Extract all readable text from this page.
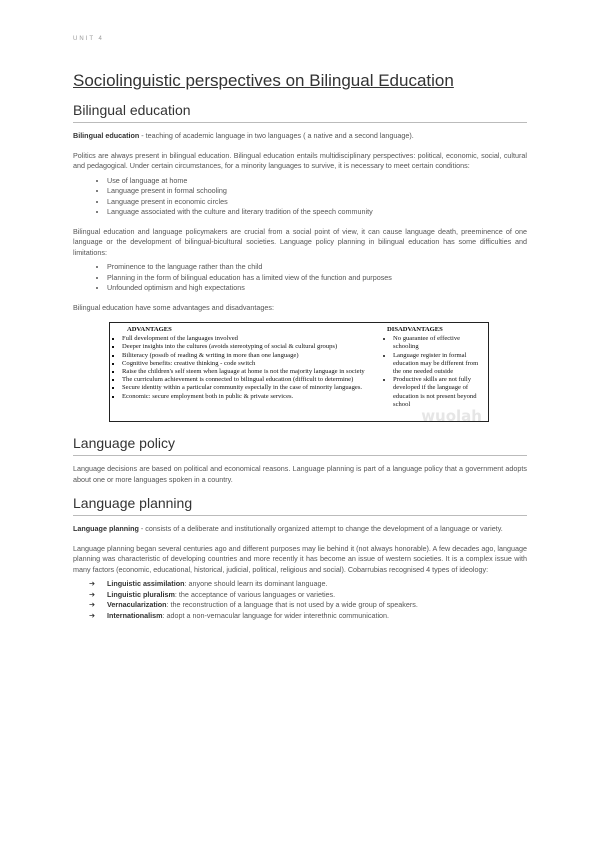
UNIT 4
Sociolinguistic perspectives on Bilingual Education
Bilingual education

Bilingual education - teaching of academic language in two languages ( a native and a second language).

Politics are always present in bilingual education. Bilingual education entails multidisciplinary perspectives: political, economic, social, cultural and pedagogical. Under certain circumstances, for a minority languages to survive, it is necessary to meet certain conditions:

• Use of language at home
• Language present in formal schooling
• Language present in economic circles
• Language associated with the culture and literary tradition of the speech community

Bilingual education and language policymakers are crucial from a social point of view, it can cause language death, preeminence of one language or the development of bilingual-bicultural societies. Language policy planning in bilingual education has some difficulties and limitations:

• Prominence to the language rather than the child
• Planning in the form of bilingual education has a limited view of the function and purposes
• Unfounded optimism and high expectations

Bilingual education have some advantages and disadvantages:

ADVANTAGES
▪ Full development of the languages involved
▪ Deeper insights into the cultures (avoids stereotyping of social & cultural groups)
▪ Biliteracy (possib of reading & writing in more than one language)
▪ Cognitive benefits: creative thinking - code switch
▪ Raise the children's self steem when laguage at home is not the majority language in society
▪ The curriculum achievement is connected to bilingual education (difficult to determine)
▪ Secure identity within a particular community especially in the case of minority languages.
▪ Economic: secure employment both in public & private services.
DISADVANTAGES
• No guarantee of effective schooling
• Language register in formal education may be different from the one needed outside
• Productive skills are not fully developed if the language of education is not present beyond school
wuolah
Language policy

Language decisions are based on political and economical reasons. Language planning is part of a language policy that a government adopts about one or more languages spoken in a country.

Language planning

Language planning - consists of a deliberate and institutionally organized attempt to change the development of a language or variety.

Language planning began several centuries ago and different purposes may lie behind it (not always honorable). A few decades ago, language planning was characteristic of developing countries and more recently it has become an issue of western societies. It is a complex issue with many factors (economic, educational, historical, judicial, political, religious and social). Cobarrubias recognised 4 types of ideology:

➔ Linguistic assimilation: anyone should learn its dominant language.
➔ Linguistic pluralism: the acceptance of various languages or varieties.
➔ Vernacularization: the reconstruction of a language that is not used by a wide group of speakers.
➔ Internationalism: adopt a non-vernacular language for wider interethnic communication.
